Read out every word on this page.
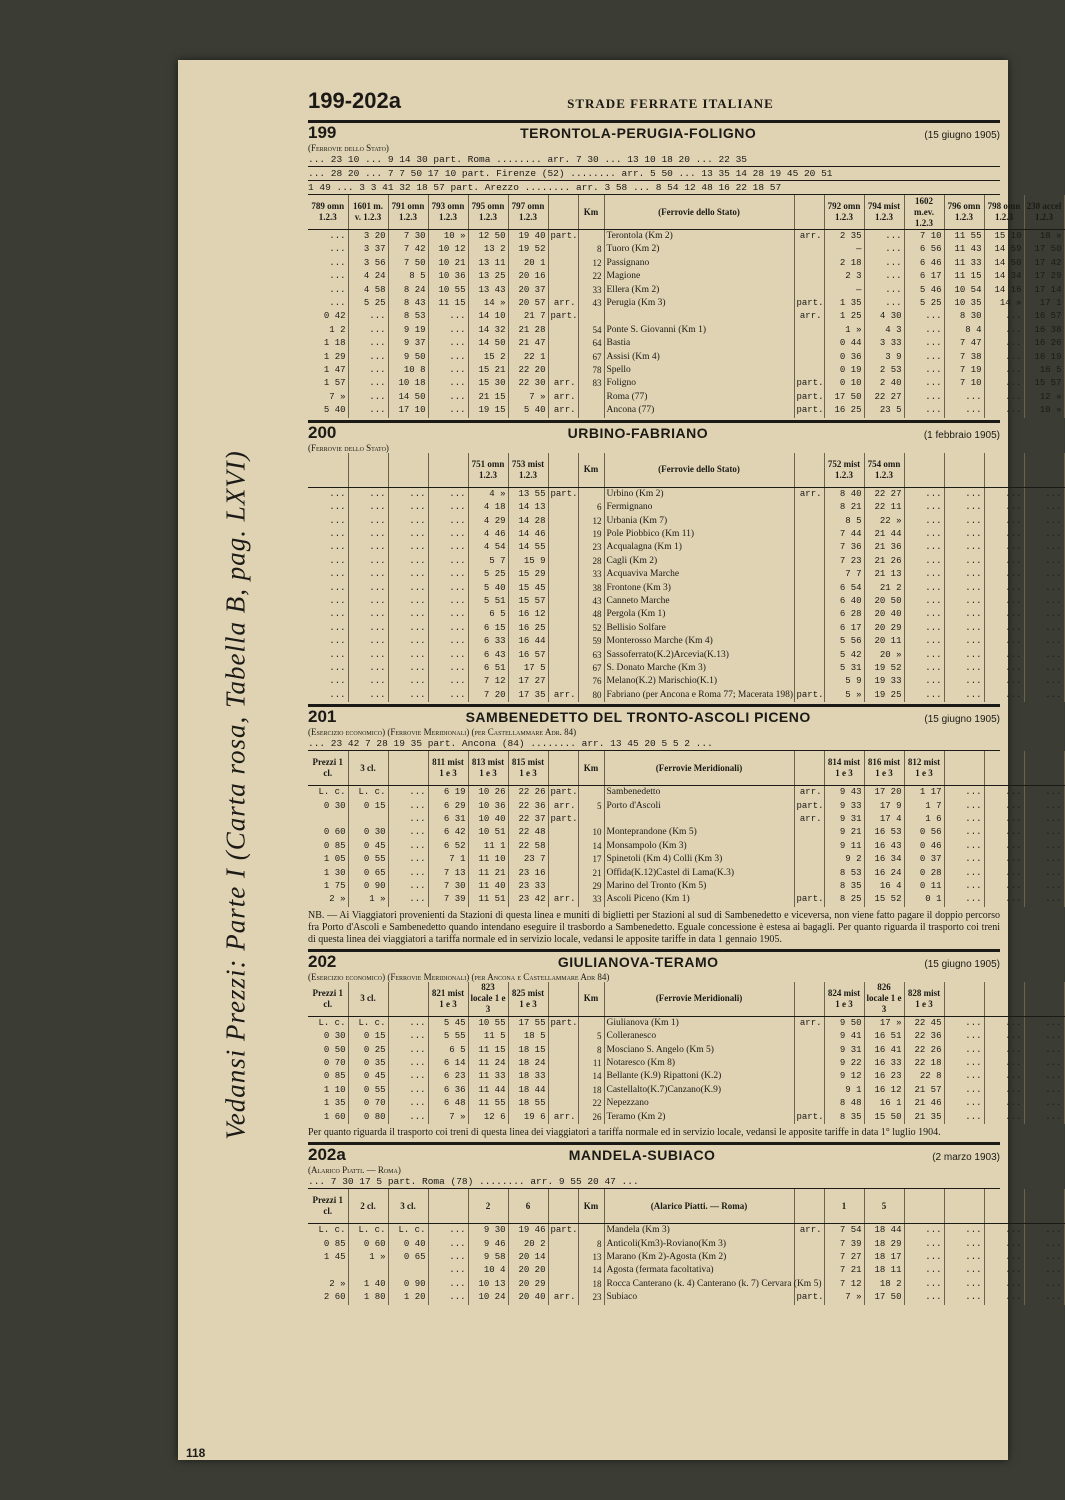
Vedansi Prezzi: Parte I (Carta rosa, Tabella B, pag. LXVI)
199-202a	STRADE FERRATE ITALIANE
199	TERONTOLA-PERUGIA-FOLIGNO	(15 giugno 1905)
(Ferrovie dello Stato)
... 23 10 ... 9 14 30 part. Roma ........ arr. 7 30 ... 13 10 18 20 ... 22 35
... 28 20 ... 7 7 50 17 10 part. Firenze (52) ........ arr. 5 50 ... 13 35 14 28 19 45 20 51
1 49 ... 3 3 41 32 18 57 part. Arezzo ........ arr. 3 58 ... 8 54 12 48 16 22 18 57
789 omn 1.2.3	1601 m. v. 1.2.3	791 omn 1.2.3	793 omn 1.2.3	795 omn 1.2.3	797 omn 1.2.3		Km	(Ferrovie dello Stato)		792 omn 1.2.3	794 mist 1.2.3	1602 m.ev. 1.2.3	796 omn 1.2.3	798 omn 1.2.3	230 accel 1.2.3
...	3 20	7 30	10 »	12 50	19 40	part.		Terontola (Km 2)	arr.	2 35	...	7 10	11 55	15 10	18 »
...	3 37	7 42	10 12	13 2	19 52		8	Tuoro (Km 2)		—	...	6 56	11 43	14 59	17 50
...	3 56	7 50	10 21	13 11	20 1		12	Passignano		2 18	...	6 46	11 33	14 50	17 42
...	4 24	8 5	10 36	13 25	20 16		22	Magione		2 3	...	6 17	11 15	14 34	17 29
...	4 58	8 24	10 55	13 43	20 37		33	Ellera (Km 2)		—	...	5 46	10 54	14 16	17 14
...	5 25	8 43	11 15	14 »	20 57	arr.	43	Perugia (Km 3)	part.	1 35	...	5 25	10 35	14 »	17 1
0 42	...	8 53	...	14 10	21 7	part.			arr.	1 25	4 30	...	8 30	...	16 57
1 2	...	9 19	...	14 32	21 28		54	Ponte S. Giovanni (Km 1)		1 »	4 3	...	8 4	...	16 38
1 18	...	9 37	...	14 50	21 47		64	Bastia		0 44	3 33	...	7 47	...	16 26
1 29	...	9 50	...	15 2	22 1		67	Assisi (Km 4)		0 36	3 9	...	7 38	...	16 19
1 47	...	10 8	...	15 21	22 20		78	Spello		0 19	2 53	...	7 19	...	16 5
1 57	...	10 18	...	15 30	22 30	arr.	83	Foligno	part.	0 10	2 40	...	7 10	...	15 57
7 »	...	14 50	...	21 15	7 »	arr.		Roma (77)	part.	17 50	22 27	...	...	...	12 »
5 40	...	17 10	...	19 15	5 40	arr.		Ancona (77)	part.	16 25	23 5	...	...	...	10 »
200	URBINO-FABRIANO	(1 febbraio 1905)
(Ferrovie dello Stato)
				751 omn 1.2.3	753 mist 1.2.3		Km	(Ferrovie dello Stato)		752 mist 1.2.3	754 omn 1.2.3				
...	...	...	...	4 »	13 55	part.		Urbino (Km 2)	arr.	8 40	22 27	...	...	...	...
...	...	...	...	4 18	14 13		6	Fermignano		8 21	22 11	...	...	...	...
...	...	...	...	4 29	14 28		12	Urbania (Km 7)		8 5	22 »	...	...	...	...
...	...	...	...	4 46	14 46		19	Pole Piobbico (Km 11)		7 44	21 44	...	...	...	...
...	...	...	...	4 54	14 55		23	Acqualagna (Km 1)		7 36	21 36	...	...	...	...
...	...	...	...	5 7	15 9		28	Cagli (Km 2)		7 23	21 26	...	...	...	...
...	...	...	...	5 25	15 29		33	Acquaviva Marche		7 7	21 13	...	...	...	...
...	...	...	...	5 40	15 45		38	Frontone (Km 3)		6 54	21 2	...	...	...	...
...	...	...	...	5 51	15 57		43	Canneto Marche		6 40	20 50	...	...	...	...
...	...	...	...	6 5	16 12		48	Pergola (Km 1)		6 28	20 40	...	...	...	...
...	...	...	...	6 15	16 25		52	Bellisio Solfare		6 17	20 29	...	...	...	...
...	...	...	...	6 33	16 44		59	Monterosso Marche (Km 4)		5 56	20 11	...	...	...	...
...	...	...	...	6 43	16 57		63	Sassoferrato(K.2)Arcevia(K.13)		5 42	20 »	...	...	...	...
...	...	...	...	6 51	17 5		67	S. Donato Marche (Km 3)		5 31	19 52	...	...	...	...
...	...	...	...	7 12	17 27		76	Melano(K.2) Marischio(K.1)		5 9	19 33	...	...	...	...
...	...	...	...	7 20	17 35	arr.	80	Fabriano (per Ancona e Roma 77; Macerata 198)	part.	5 »	19 25	...	...	...	...
201	SAMBENEDETTO DEL TRONTO-ASCOLI PICENO	(15 giugno 1905)
(Esercizio economico) (Ferrovie Meridionali) (per Castellammare Adr. 84)
... 23 42 7 28 19 35 part. Ancona (84) ........ arr. 13 45 20 5 5 2 ...
Prezzi 1 cl.	3 cl.		811 mist 1 e 3	813 mist 1 e 3	815 mist 1 e 3		Km	(Ferrovie Meridionali)		814 mist 1 e 3	816 mist 1 e 3	812 mist 1 e 3			
L. c.	L. c.	...	6 19	10 26	22 26	part.		Sambenedetto	arr.	9 43	17 20	1 17	...	...	...
0 30	0 15	...	6 29	10 36	22 36	arr.	5	Porto d'Ascoli	part.	9 33	17 9	1 7	...	...	...
		...	6 31	10 40	22 37	part.			arr.	9 31	17 4	1 6	...	...	...
0 60	0 30	...	6 42	10 51	22 48		10	Monteprandone (Km 5)		9 21	16 53	0 56	...	...	...
0 85	0 45	...	6 52	11 1	22 58		14	Monsampolo (Km 3)		9 11	16 43	0 46	...	...	...
1 05	0 55	...	7 1	11 10	23 7		17	Spinetoli (Km 4) Colli (Km 3)		9 2	16 34	0 37	...	...	...
1 30	0 65	...	7 13	11 21	23 16		21	Offida(K.12)Castel di Lama(K.3)		8 53	16 24	0 28	...	...	...
1 75	0 90	...	7 30	11 40	23 33		29	Marino del Tronto (Km 5)		8 35	16 4	0 11	...	...	...
2 »	1 »	...	7 39	11 51	23 42	arr.	33	Ascoli Piceno (Km 1)	part.	8 25	15 52	0 1	...	...	...
NB. — Ai Viaggiatori provenienti da Stazioni di questa linea e muniti di biglietti per Stazioni al sud di Sambenedetto e viceversa, non viene fatto pagare il doppio percorso fra Porto d'Ascoli e Sambenedetto quando intendano eseguire il trasbordo a Sambenedetto. Eguale concessione è estesa ai bagagli. Per quanto riguarda il trasporto coi treni di questa linea dei viaggiatori a tariffa normale ed in servizio locale, vedansi le apposite tariffe in data 1 gennaio 1905.
202	GIULIANOVA-TERAMO	(15 giugno 1905)
(Esercizio economico) (Ferrovie Meridionali) (per Ancona e Castellammare Adr 84)
Prezzi 1 cl.	3 cl.		821 mist 1 e 3	823 locale 1 e 3	825 mist 1 e 3		Km	(Ferrovie Meridionali)		824 mist 1 e 3	826 locale 1 e 3	828 mist 1 e 3			
L. c.	L. c.	...	5 45	10 55	17 55	part.		Giulianova (Km 1)	arr.	9 50	17 »	22 45	...	...	...
0 30	0 15	...	5 55	11 5	18 5		5	Colleranesco		9 41	16 51	22 36	...	...	...
0 50	0 25	...	6 5	11 15	18 15		8	Mosciano S. Angelo (Km 5)		9 31	16 41	22 26	...	...	...
0 70	0 35	...	6 14	11 24	18 24		11	Notaresco (Km 8)		9 22	16 33	22 18	...	...	...
0 85	0 45	...	6 23	11 33	18 33		14	Bellante (K.9) Ripattoni (K.2)		9 12	16 23	22 8	...	...	...
1 10	0 55	...	6 36	11 44	18 44		18	Castellalto(K.7)Canzano(K.9)		9 1	16 12	21 57	...	...	...
1 35	0 70	...	6 48	11 55	18 55		22	Nepezzano		8 48	16 1	21 46	...	...	...
1 60	0 80	...	7 »	12 6	19 6	arr.	26	Teramo (Km 2)	part.	8 35	15 50	21 35	...	...	...
Per quanto riguarda il trasporto coi treni di questa linea dei viaggiatori a tariffa normale ed in servizio locale, vedansi le apposite tariffe in data 1° luglio 1904.
202a	MANDELA-SUBIACO	(2 marzo 1903)
(Alarico Piatti. — Roma)
... 7 30 17 5 part. Roma (78) ........ arr. 9 55 20 47 ...
Prezzi 1 cl.	2 cl.	3 cl.		2	6		Km	(Alarico Piatti. — Roma)		1	5				
L. c.	L. c.	L. c.	...	9 30	19 46	part.		Mandela (Km 3)	arr.	7 54	18 44	...	...	...	...
0 85	0 60	0 40	...	9 46	20 2		8	Anticoli(Km3)-Roviano(Km 3)		7 39	18 29	...	...	...	...
1 45	1 »	0 65	...	9 58	20 14		13	Marano (Km 2)-Agosta (Km 2)		7 27	18 17	...	...	...	...
			...	10 4	20 20		14	Agosta (fermata facoltativa)		7 21	18 11	...	...	...	...
2 »	1 40	0 90	...	10 13	20 29		18	Rocca Canterano (k. 4) Canterano (k. 7) Cervara (Km 5)		7 12	18 2	...	...	...	...
2 60	1 80	1 20	...	10 24	20 40	arr.	23	Subiaco	part.	7 »	17 50	...	...	...	...
118
